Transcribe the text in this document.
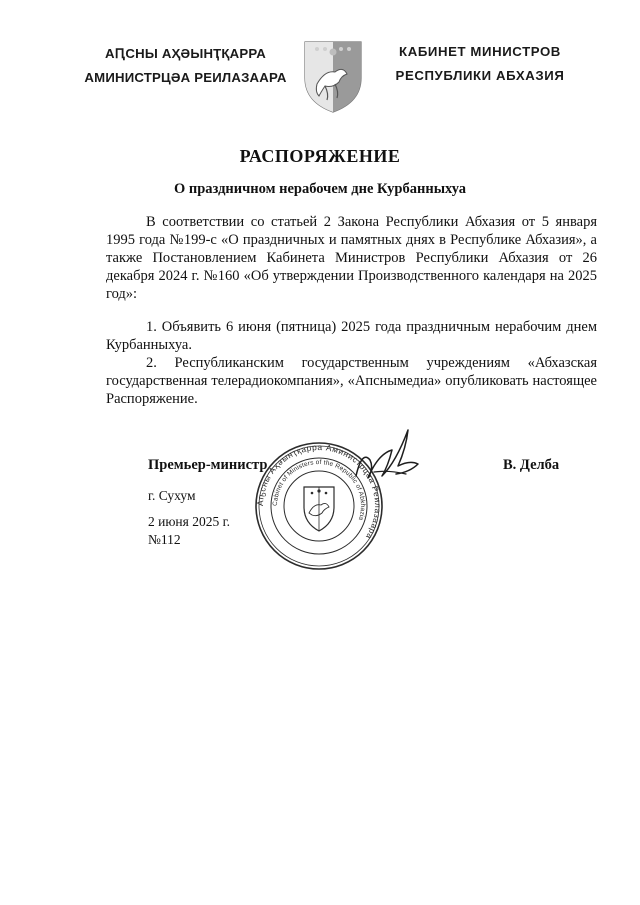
АԤСНЫ АҲӘЫНҬҚАРРА
АМИНИСТРЦӘА РЕИЛАЗААРА
КАБИНЕТ МИНИСТРОВ
РЕСПУБЛИКИ АБХАЗИЯ
РАСПОРЯЖЕНИЕ
О праздничном нерабочем дне Курбанныхуа
В соответствии со статьей 2 Закона Республики Абхазия от 5 января 1995 года №199-с «О праздничных и памятных днях в Республике Абхазия», а также Постановлением Кабинета Министров Республики Абхазия от 26 декабря 2024 г. №160 «Об утверждении Производственного календаря на 2025 год»:
1. Объявить 6 июня (пятница) 2025 года праздничным нерабочим днем Курбанныхуа.
2. Республиканским государственным учреждениям «Абхазская государственная телерадиокомпания», «Апснымедиа» опубликовать настоящее Распоряжение.
Аҧсны Аҳәынҭқарра Аминистрцәа Реилазаара
Cabinet of Ministers of the Republic of Abkhazia
Премьер-министр	В. Делба
г. Сухум
2 июня 2025 г.
№112
